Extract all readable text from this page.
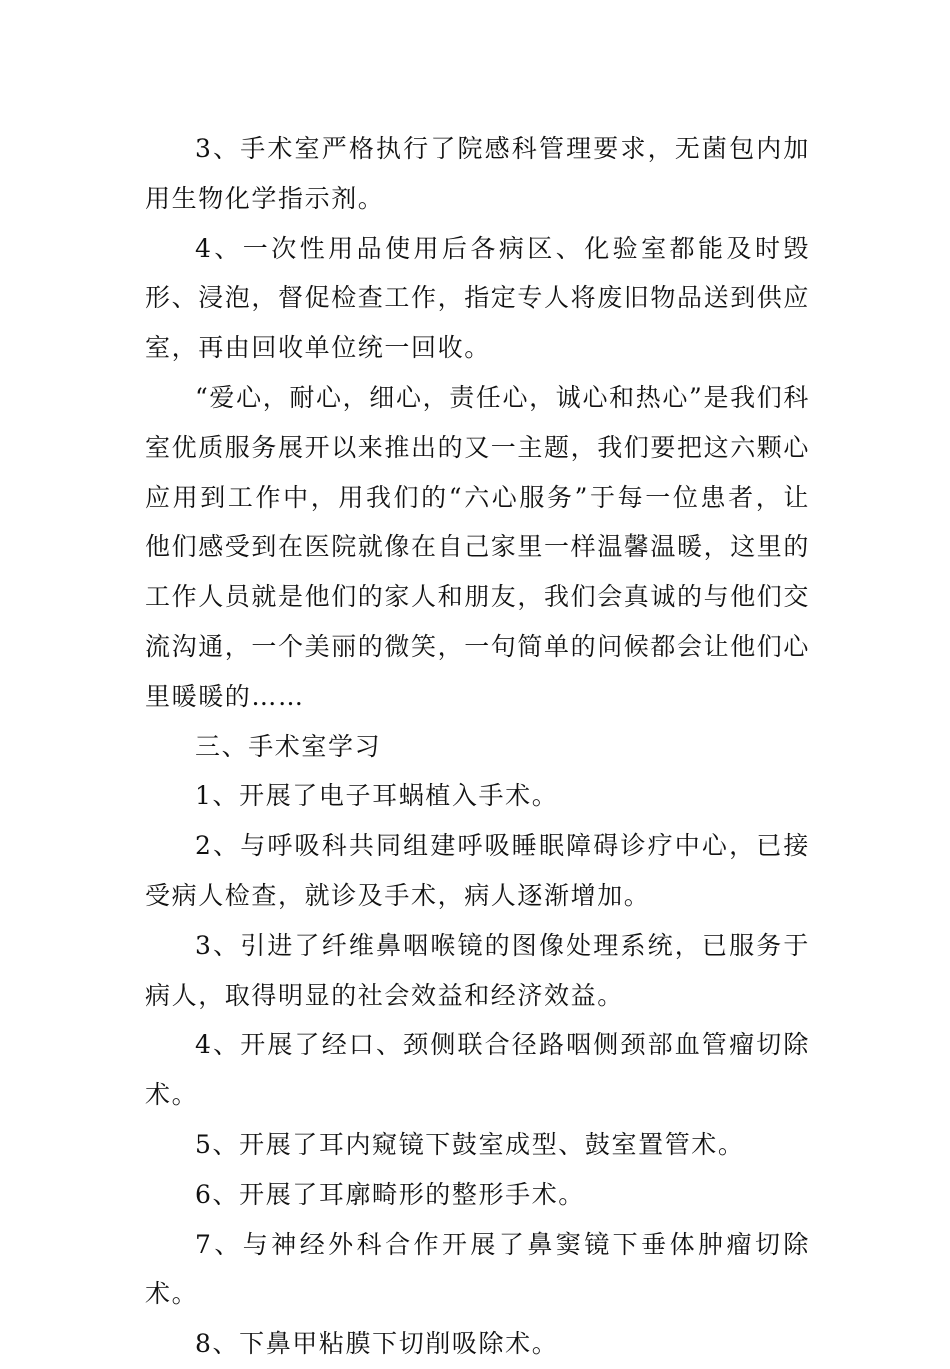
3、手术室严格执行了院感科管理要求，无菌包内加用生物化学指示剂。

4、一次性用品使用后各病区、化验室都能及时毁形、浸泡，督促检查工作，指定专人将废旧物品送到供应室，再由回收单位统一回收。

“爱心，耐心，细心，责任心，诚心和热心”是我们科室优质服务展开以来推出的又一主题，我们要把这六颗心应用到工作中，用我们的“六心服务”于每一位患者，让他们感受到在医院就像在自己家里一样温馨温暖，这里的工作人员就是他们的家人和朋友，我们会真诚的与他们交流沟通，一个美丽的微笑，一句简单的问候都会让他们心里暖暖的……

三、手术室学习

1、开展了电子耳蜗植入手术。

2、与呼吸科共同组建呼吸睡眠障碍诊疗中心，已接受病人检查，就诊及手术，病人逐渐增加。

3、引进了纤维鼻咽喉镜的图像处理系统，已服务于病人，取得明显的社会效益和经济效益。

4、开展了经口、颈侧联合径路咽侧颈部血管瘤切除术。

5、开展了耳内窥镜下鼓室成型、鼓室置管术。

6、开展了耳廓畸形的整形手术。

7、与神经外科合作开展了鼻窦镜下垂体肿瘤切除术。

8、下鼻甲粘膜下切削吸除术。
